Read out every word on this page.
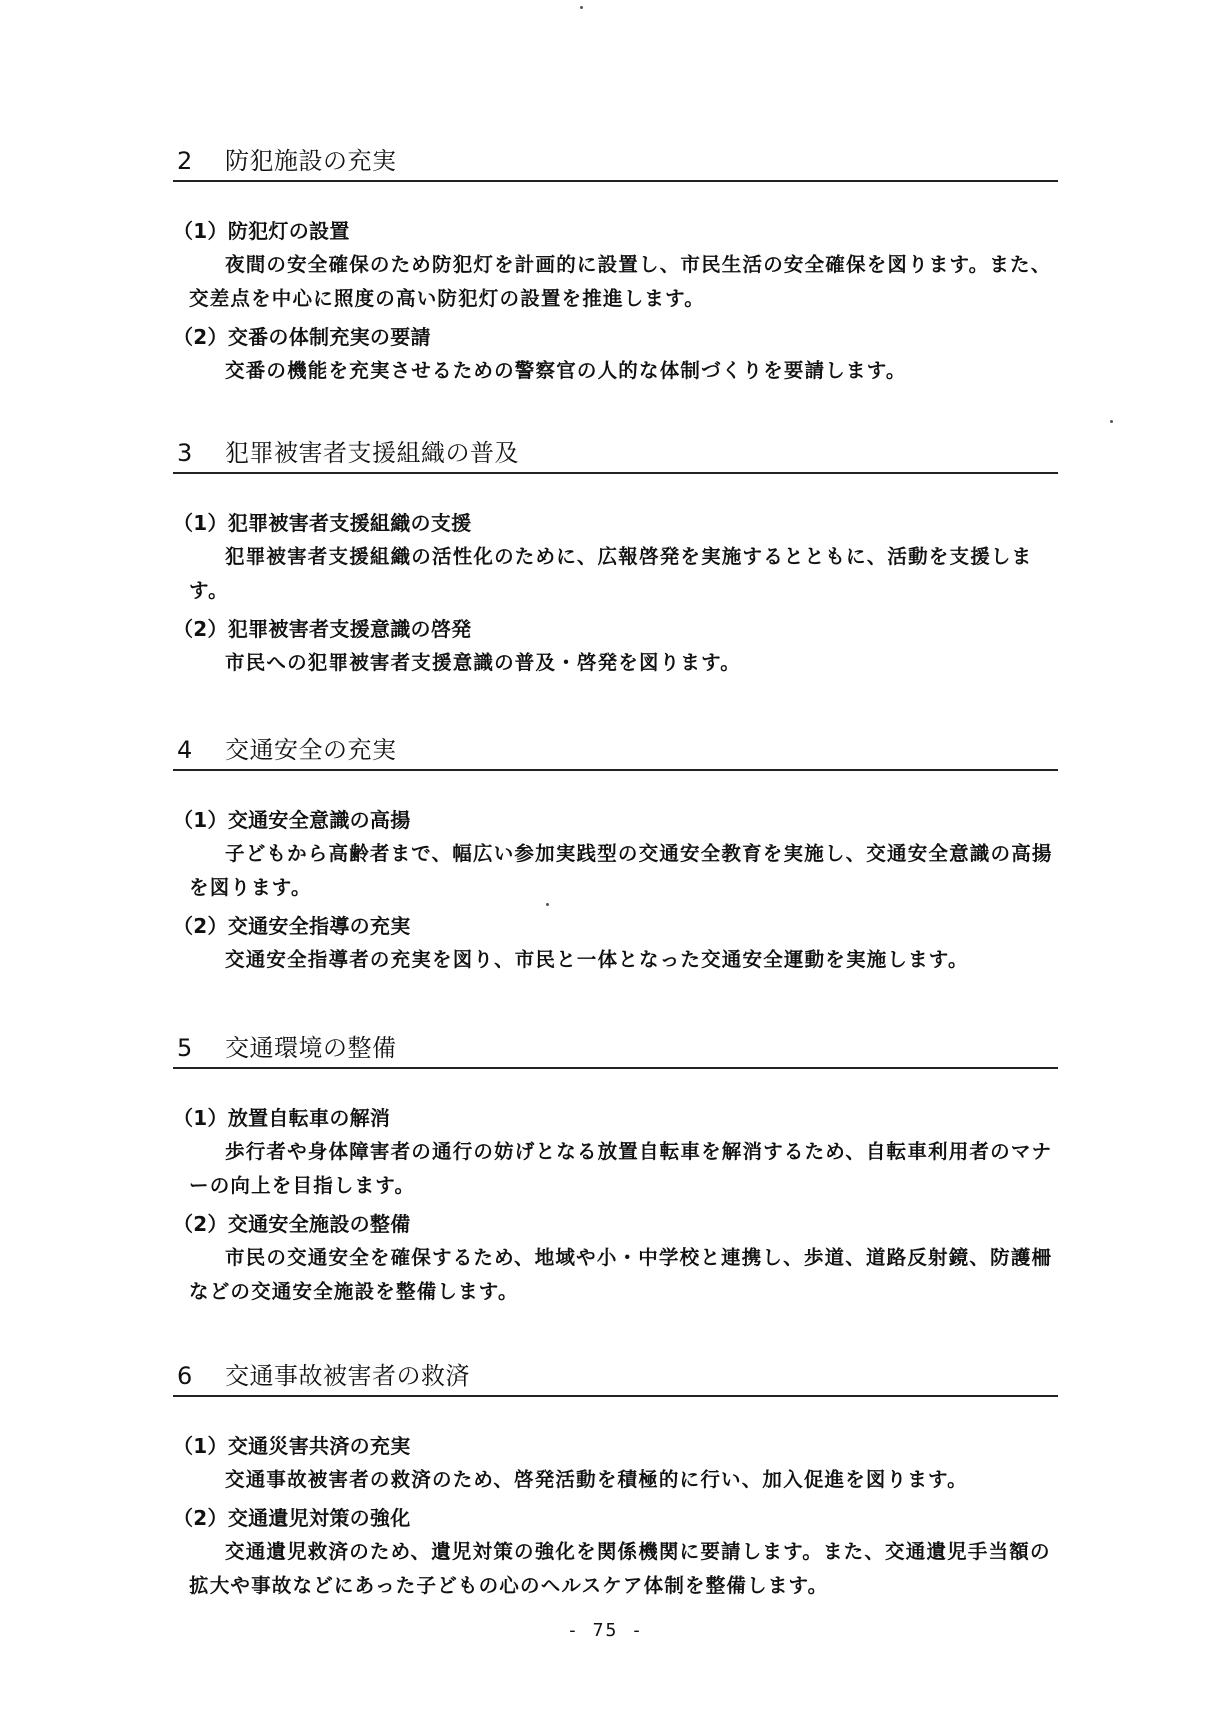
2 防犯施設の充実
（1）防犯灯の設置
夜間の安全確保のため防犯灯を計画的に設置し、市民生活の安全確保を図ります。また、交差点を中心に照度の高い防犯灯の設置を推進します。
（2）交番の体制充実の要請
交番の機能を充実させるための警察官の人的な体制づくりを要請します。
3 犯罪被害者支援組織の普及
（1）犯罪被害者支援組織の支援
犯罪被害者支援組織の活性化のために、広報啓発を実施するとともに、活動を支援します。
（2）犯罪被害者支援意識の啓発
市民への犯罪被害者支援意識の普及・啓発を図ります。
4 交通安全の充実
（1）交通安全意識の高揚
子どもから高齢者まで、幅広い参加実践型の交通安全教育を実施し、交通安全意識の高揚を図ります。
（2）交通安全指導の充実
交通安全指導者の充実を図り、市民と一体となった交通安全運動を実施します。
5 交通環境の整備
（1）放置自転車の解消
歩行者や身体障害者の通行の妨げとなる放置自転車を解消するため、自転車利用者のマナーの向上を目指します。
（2）交通安全施設の整備
市民の交通安全を確保するため、地域や小・中学校と連携し、歩道、道路反射鏡、防護柵などの交通安全施設を整備します。
6 交通事故被害者の救済
（1）交通災害共済の充実
交通事故被害者の救済のため、啓発活動を積極的に行い、加入促進を図ります。
（2）交通遺児対策の強化
交通遺児救済のため、遺児対策の強化を関係機関に要請します。また、交通遺児手当額の拡大や事故などにあった子どもの心のヘルスケア体制を整備します。
- 75 -
